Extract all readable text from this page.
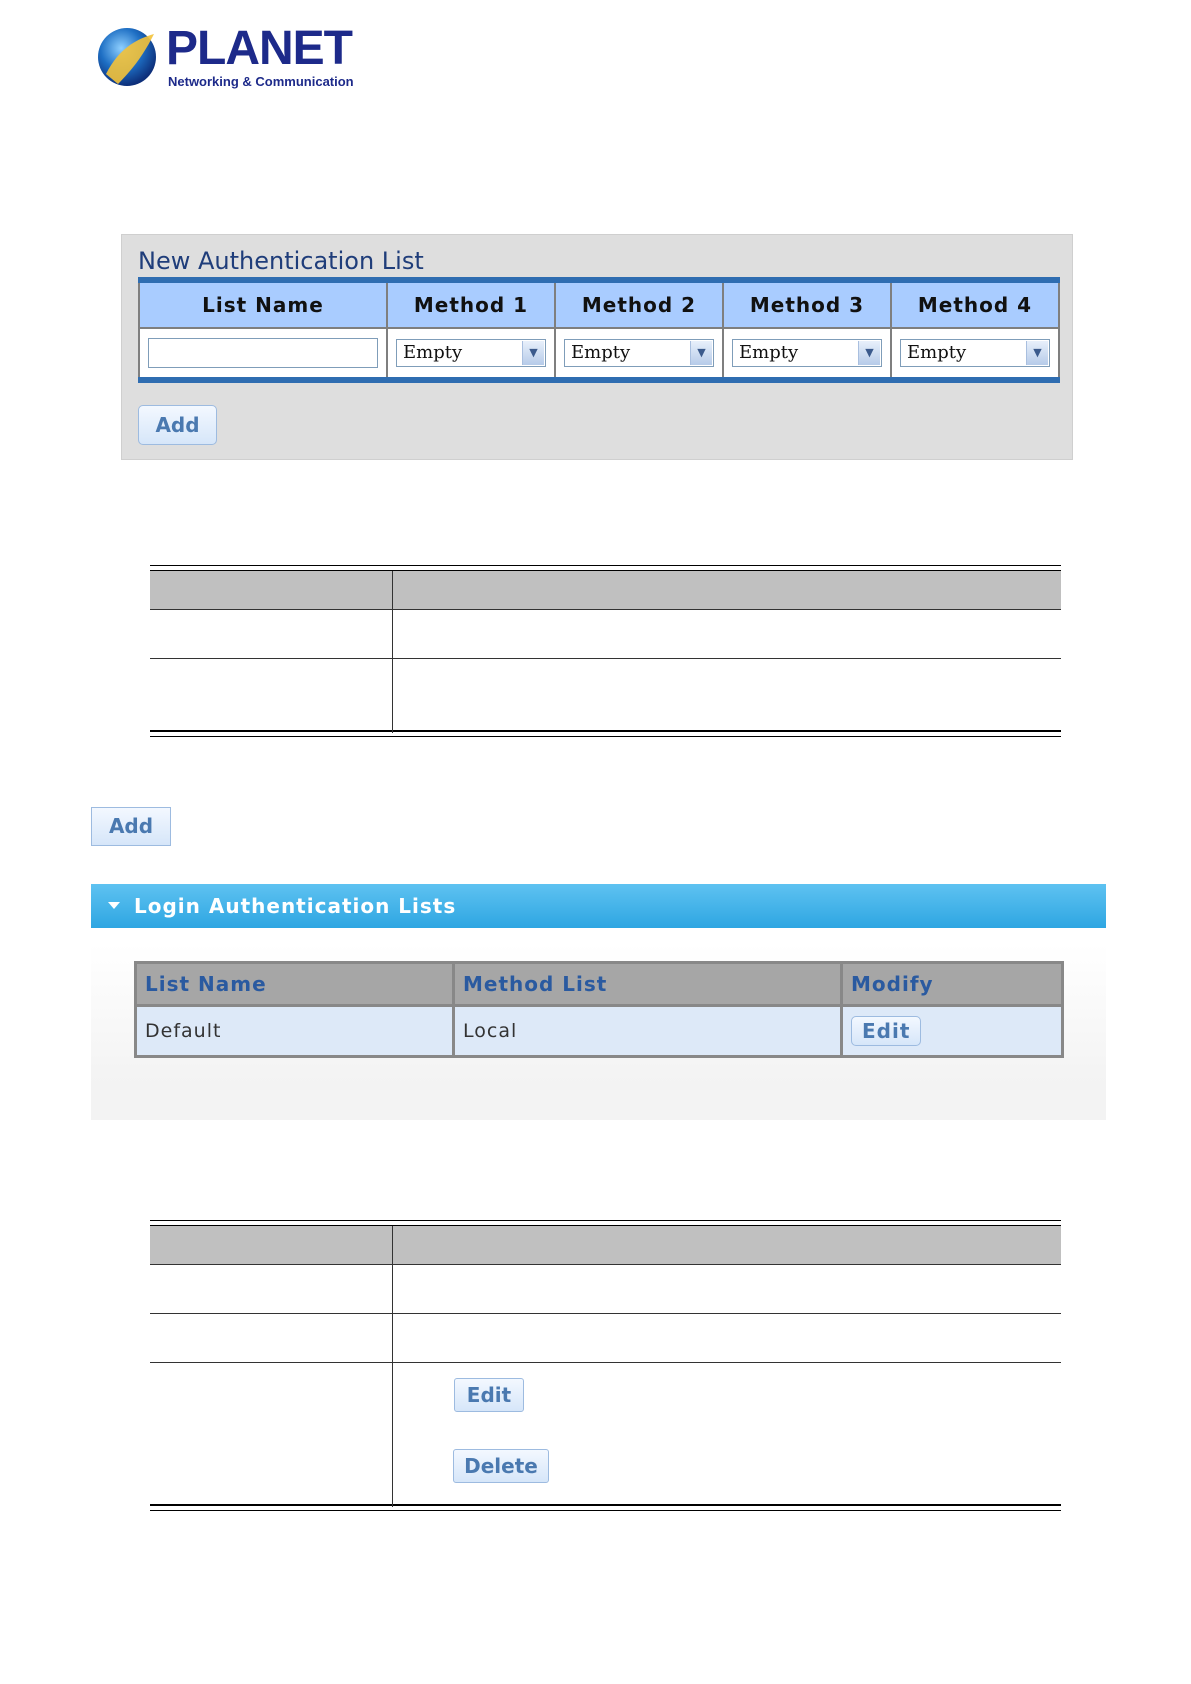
PLANET
Networking & Communication
New Authentication List
List Name	Method 1	Method 2	Method 3	Method 4

	Empty ▼	Empty ▼	Empty ▼	Empty ▼
Add
Add
Login Authentication Lists
List Name	Method List	Modify
Default	Local	Edit
Edit
Delete
